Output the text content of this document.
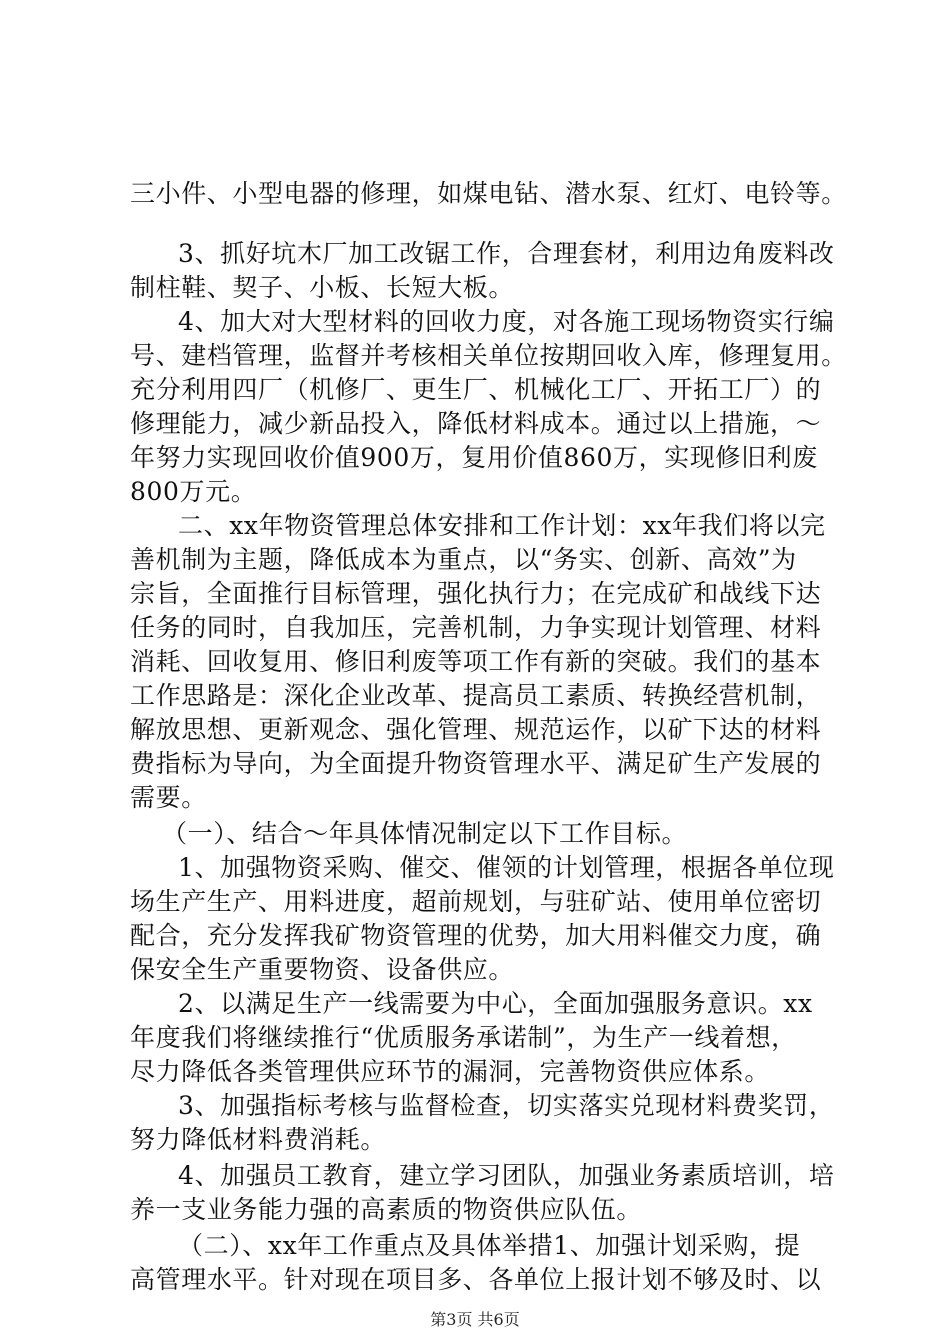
三小件、小型电器的修理，如煤电钻、潜水泵、红灯、电铃等。
3、抓好坑木厂加工改锯工作，合理套材，利用边角废料改
制柱鞋、契子、小板、长短大板。
4、加大对大型材料的回收力度，对各施工现场物资实行编
号、建档管理，监督并考核相关单位按期回收入库，修理复用。
充分利用四厂（机修厂、更生厂、机械化工厂、开拓工厂）的
修理能力，减少新品投入，降低材料成本。通过以上措施，～
年努力实现回收价值900万，复用价值860万，实现修旧利废
800万元。
二、xx年物资管理总体安排和工作计划：xx年我们将以完
善机制为主题，降低成本为重点，以“务实、创新、高效”为
宗旨，全面推行目标管理，强化执行力；在完成矿和战线下达
任务的同时，自我加压，完善机制，力争实现计划管理、材料
消耗、回收复用、修旧利废等项工作有新的突破。我们的基本
工作思路是：深化企业改革、提高员工素质、转换经营机制，
解放思想、更新观念、强化管理、规范运作，以矿下达的材料
费指标为导向，为全面提升物资管理水平、满足矿生产发展的
需要。
（一）、结合～年具体情况制定以下工作目标。
1、加强物资采购、催交、催领的计划管理，根据各单位现
场生产生产、用料进度，超前规划，与驻矿站、使用单位密切
配合，充分发挥我矿物资管理的优势，加大用料催交力度，确
保安全生产重要物资、设备供应。
2、以满足生产一线需要为中心，全面加强服务意识。xx
年度我们将继续推行“优质服务承诺制”，为生产一线着想，
尽力降低各类管理供应环节的漏洞，完善物资供应体系。
3、加强指标考核与监督检查，切实落实兑现材料费奖罚，
努力降低材料费消耗。
4、加强员工教育，建立学习团队，加强业务素质培训，培
养一支业务能力强的高素质的物资供应队伍。
（二）、xx年工作重点及具体举措1、加强计划采购，提
高管理水平。针对现在项目多、各单位上报计划不够及时、以
第3页 共6页
